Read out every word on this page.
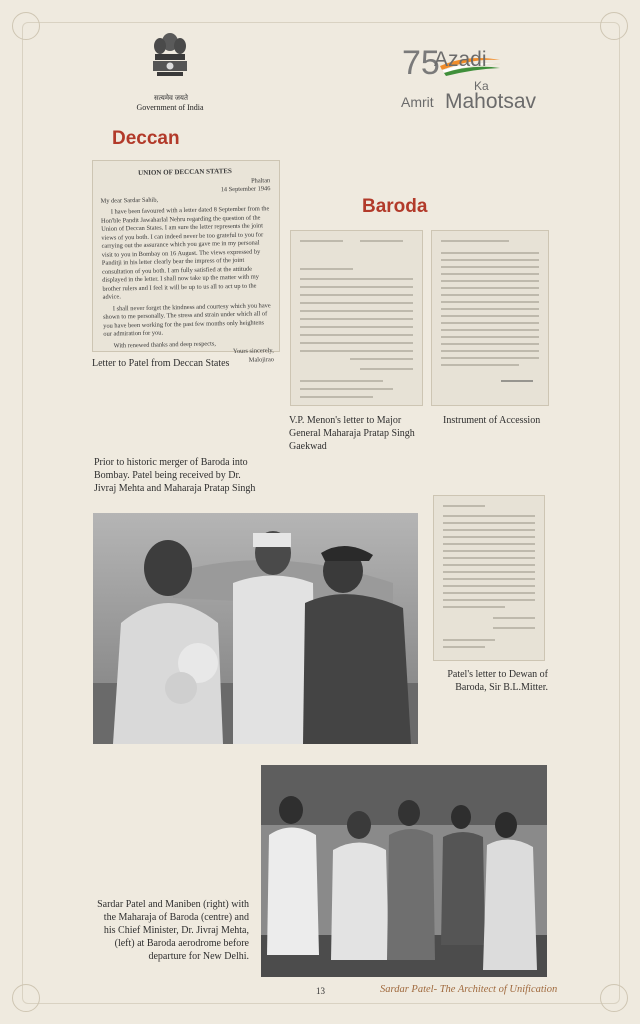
सत्यमेव जयते
Government of India
75
Azadi
Ka
Amrit Mahotsav
Deccan
Baroda
UNION OF DECCAN STATES
Phaltan
14 September 1946
My dear Sardar Sahib,

I have been favoured with a letter dated 8 September from the Hon'ble Pandit Jawaharlal Nehru regarding the question of the Union of Deccan States. I am sure the letter represents the joint views of you both. I can indeed never be too grateful to you for carrying out the assurance which you gave me in my personal visit to you in Bombay on 16 August. The views expressed by Panditji in his letter clearly bear the impress of the joint consultation of you both. I am fully satisfied at the attitude displayed in the letter. I shall now take up the matter with my brother rulers and I feel it will be up to us all to act up to the advice.

I shall never forget the kindness and courtesy which you have shown to me personally. The stress and strain under which all of you have been working for the past few months only heightens our admiration for you.

With renewed thanks and deep respects,

Yours sincerely,
Malojirao
Letter to Patel from Deccan States
V.P. Menon's letter to Major General Maharaja Pratap Singh Gaekwad
Instrument of Accession
Prior to historic merger of Baroda into Bombay. Patel being received by Dr. Jivraj Mehta and Maharaja Pratap Singh
Patel's letter to Dewan of Baroda, Sir B.L.Mitter.
Sardar Patel and Maniben (right) with the Maharaja of Baroda (centre) and his Chief Minister, Dr. Jivraj Mehta, (left) at Baroda aerodrome before departure for New Delhi.
13	Sardar Patel- The Architect of Unification
